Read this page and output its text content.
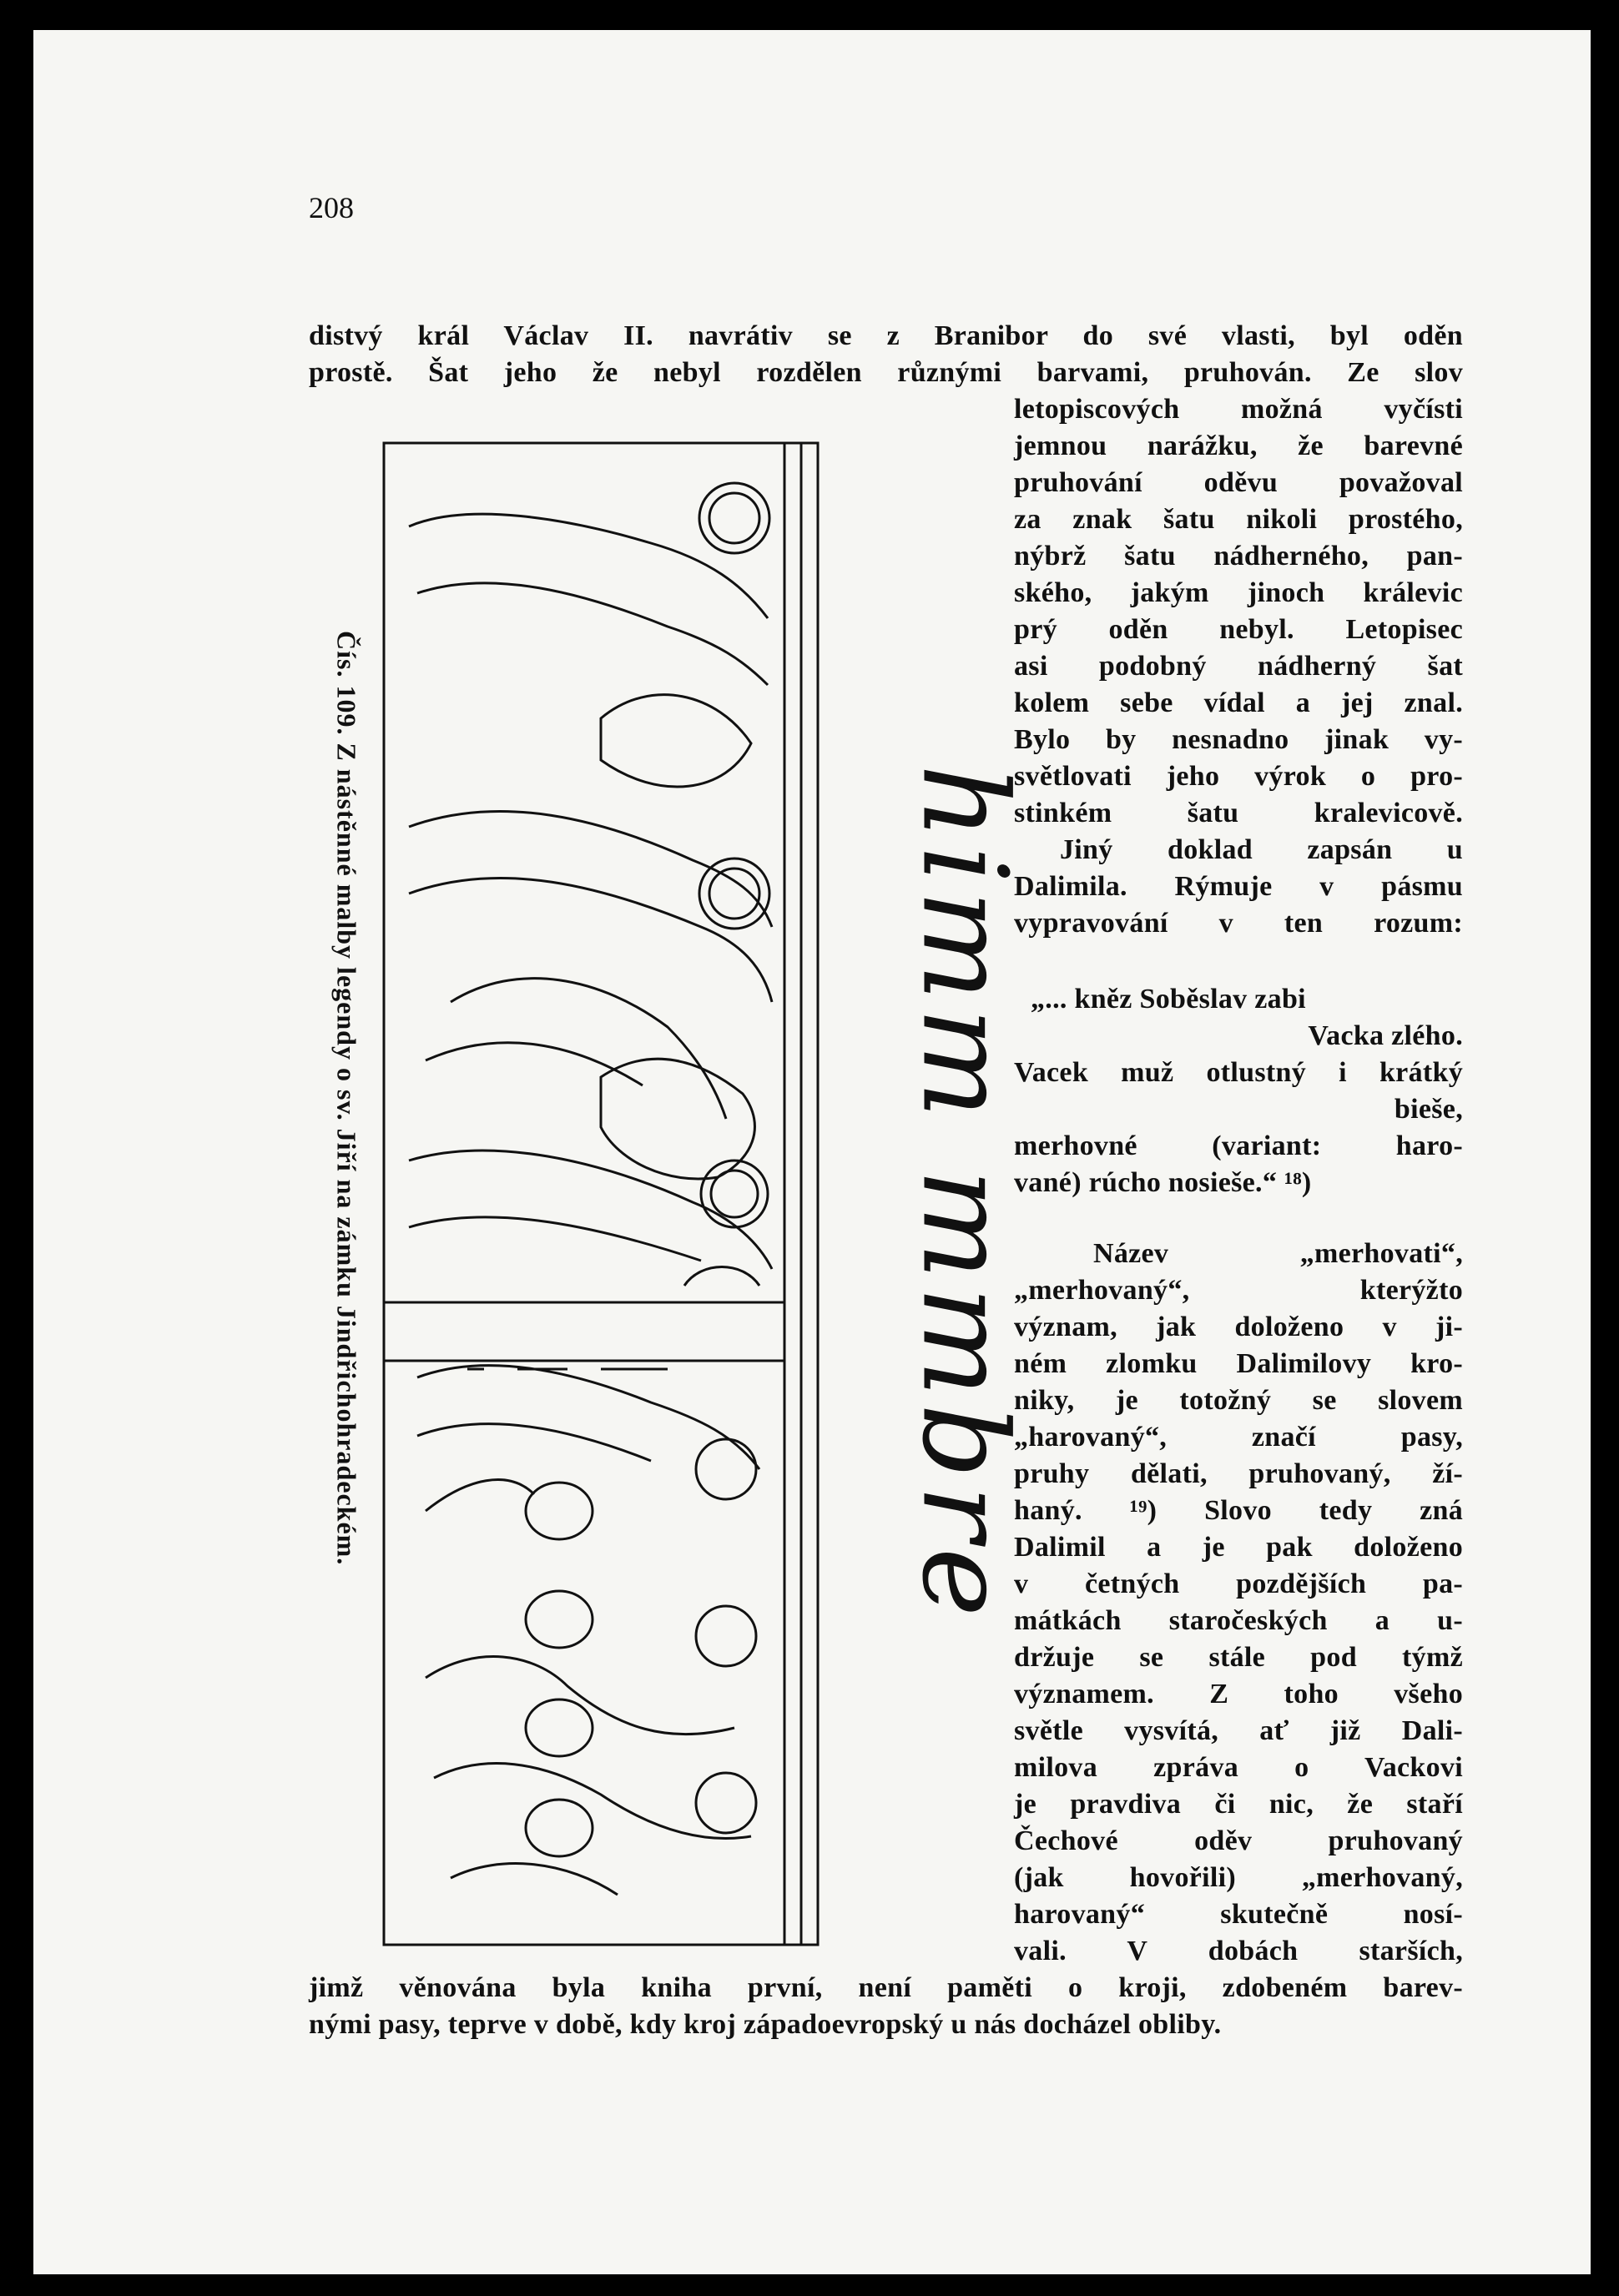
208
distvý král Václav II. navrátiv se z Branibor do své vlasti, byl oděn
prostě. Šat jeho že nebyl rozdělen různými barvami, pruhován. Ze slov
letopiscových možná vyčísti
jemnou narážku, že barevné
pruhování oděvu považoval
za znak šatu nikoli prostého,
nýbrž šatu nádherného, pan-
ského, jakým jinoch králevic
prý oděn nebyl. Letopisec
asi podobný nádherný šat
kolem sebe vídal a jej znal.
Bylo by nesnadno jinak vy-
světlovati jeho výrok o pro-
stinkém šatu kralevicově.
Jiný doklad zapsán u
Dalimila. Rýmuje v pásmu
vypravování v ten rozum:
„... kněz Soběslav zabi
Vacka zlého.
Vacek muž otlustný i krátký
bieše,
merhovné (variant: haro-
vané) rúcho nosieše.“ ¹⁸)
Název „merhovati“,
„merhovaný“, kterýžto
význam, jak doloženo v ji-
ném zlomku Dalimilovy kro-
niky, je totožný se slovem
„harovaný“, značí pasy,
pruhy dělati, pruhovaný, ží-
haný. ¹⁹) Slovo tedy zná
Dalimil a je pak doloženo
v četných pozdějších pa-
mátkách staročeských a u-
držuje se stále pod týmž
významem. Z toho všeho
světle vysvítá, ať již Dali-
milova zpráva o Vackovi
je pravdiva či nic, že staří
Čechové oděv pruhovaný
(jak hovořili) „merhovaný,
harovaný“ skutečně nosí-
vali. V dobách starších,
jimž věnována byla kniha první, není paměti o kroji, zdobeném barev-
nými pasy, teprve v době, kdy kroj západoevropský u nás docházel obliby.
Čís. 109. Z nástěnné malby legendy o sv. Jiří na zámku Jindřichohradeckém.	himm mmbre
